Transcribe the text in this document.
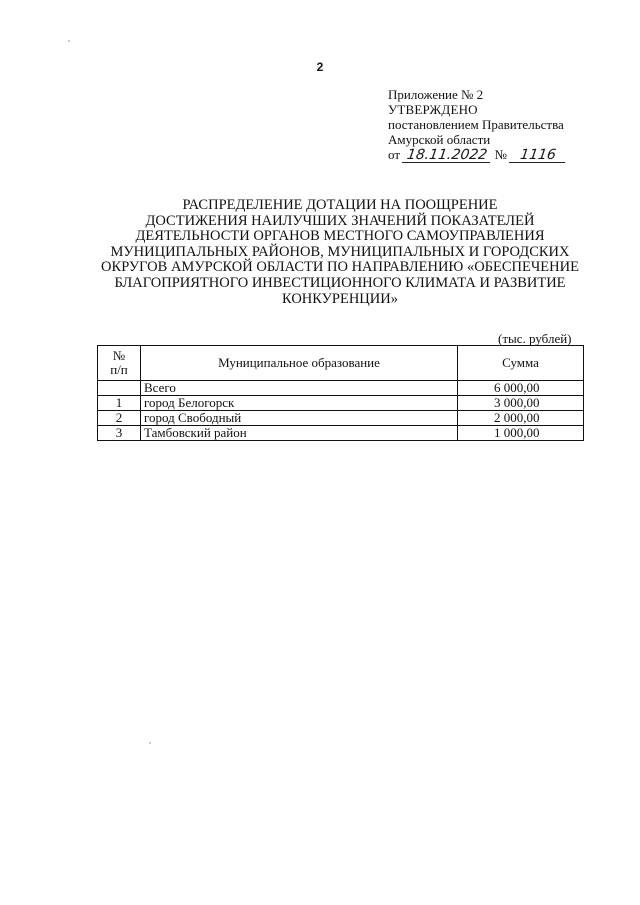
2
Приложение № 2
УТВЕРЖДЕНО
постановлением Правительства
Амурской области
от 18.11.2022 № 1116
РАСПРЕДЕЛЕНИЕ ДОТАЦИИ НА ПООЩРЕНИЕ
ДОСТИЖЕНИЯ НАИЛУЧШИХ ЗНАЧЕНИЙ ПОКАЗАТЕЛЕЙ
ДЕЯТЕЛЬНОСТИ ОРГАНОВ МЕСТНОГО САМОУПРАВЛЕНИЯ
МУНИЦИПАЛЬНЫХ РАЙОНОВ, МУНИЦИПАЛЬНЫХ И ГОРОДСКИХ
ОКРУГОВ АМУРСКОЙ ОБЛАСТИ ПО НАПРАВЛЕНИЮ «ОБЕСПЕЧЕНИЕ
БЛАГОПРИЯТНОГО ИНВЕСТИЦИОННОГО КЛИМАТА И РАЗВИТИЕ
КОНКУРЕНЦИИ»
(тыс. рублей)
№
п/п	Муниципальное образование	Сумма
	Всего	6 000,00
1	город Белогорск	3 000,00
2	город Свободный	2 000,00
3	Тамбовский район	1 000,00
